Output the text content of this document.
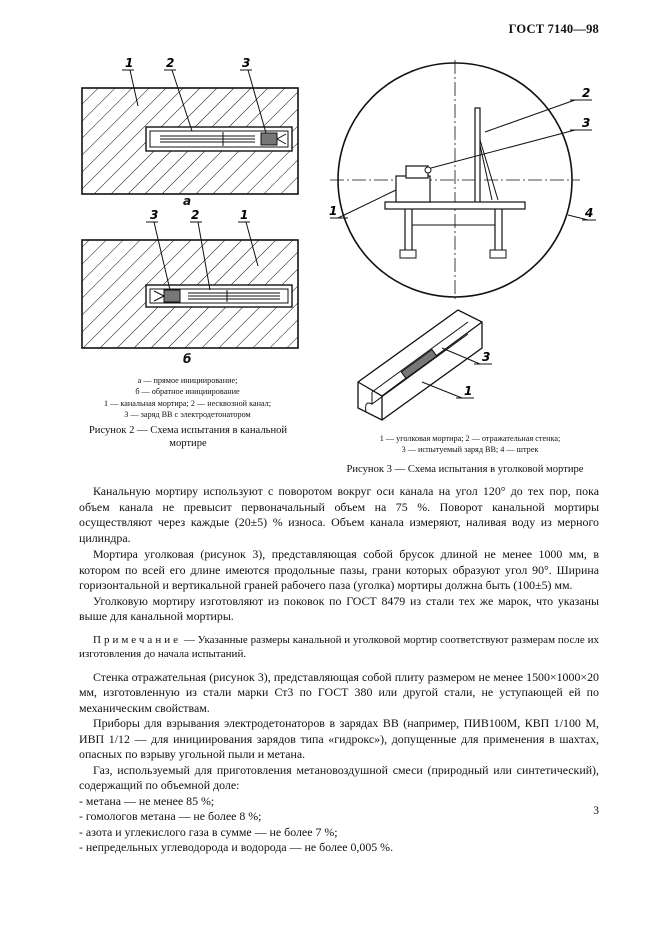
ГОСТ 7140—98
1	2	3
а
3	2	1
б
а — прямое инициирование;
б — обратное инициирование
1 — канальная мортира; 2 — несквозной канал;
3 — заряд ВВ с электродетонатором
Рисунок 2 — Схема испытания в канальной
мортире
2
3
1	4
3
1
1 — уголковая мортира; 2 — отражательная стенка;
3 — испытуемый заряд ВВ; 4 — штрек
Рисунок 3 — Схема испытания в уголковой мортире

Канальную мортиру используют с поворотом вокруг оси канала на угол 120° до тех пор, пока объем канала не превысит первоначальный объем на 75 %. Поворот канальной мортиры осуществляют через каждые (20±5) % износа. Объем канала измеряют, наливая воду из мерного цилиндра.

Мортира уголковая (рисунок 3), представляющая собой брусок длиной не менее 1000 мм, в котором по всей его длине имеются продольные пазы, грани которых образуют угол 90°. Ширина горизонтальной и вертикальной граней рабочего паза (уголка) мортиры должна быть (100±5) мм.

Уголковую мортиру изготовляют из поковок по ГОСТ 8479 из стали тех же марок, что указаны выше для канальной мортиры.

Примечание — Указанные размеры канальной и уголковой мортир соответствуют размерам после их изготовления до начала испытаний.

Стенка отражательная (рисунок 3), представляющая собой плиту размером не менее 1500×1000×20 мм, изготовленную из стали марки Ст3 по ГОСТ 380 или другой стали, не уступающей ей по механическим свойствам.

Приборы для взрывания электродетонаторов в зарядах ВВ (например, ПИВ100М, КВП 1/100 М, ИВП 1/12 — для инициирования зарядов типа «гидрокс»), допущенные для применения в шахтах, опасных по взрыву угольной пыли и метана.

Газ, используемый для приготовления метановоздушной смеси (природный или синтетический), содержащий по объемной доле:

- метана — не менее 85 %;
- гомологов метана — не более 8 %;
- азота и углекислого газа в сумме — не более 7 %;
- непредельных углеводорода и водорода — не более 0,005 %.
3
